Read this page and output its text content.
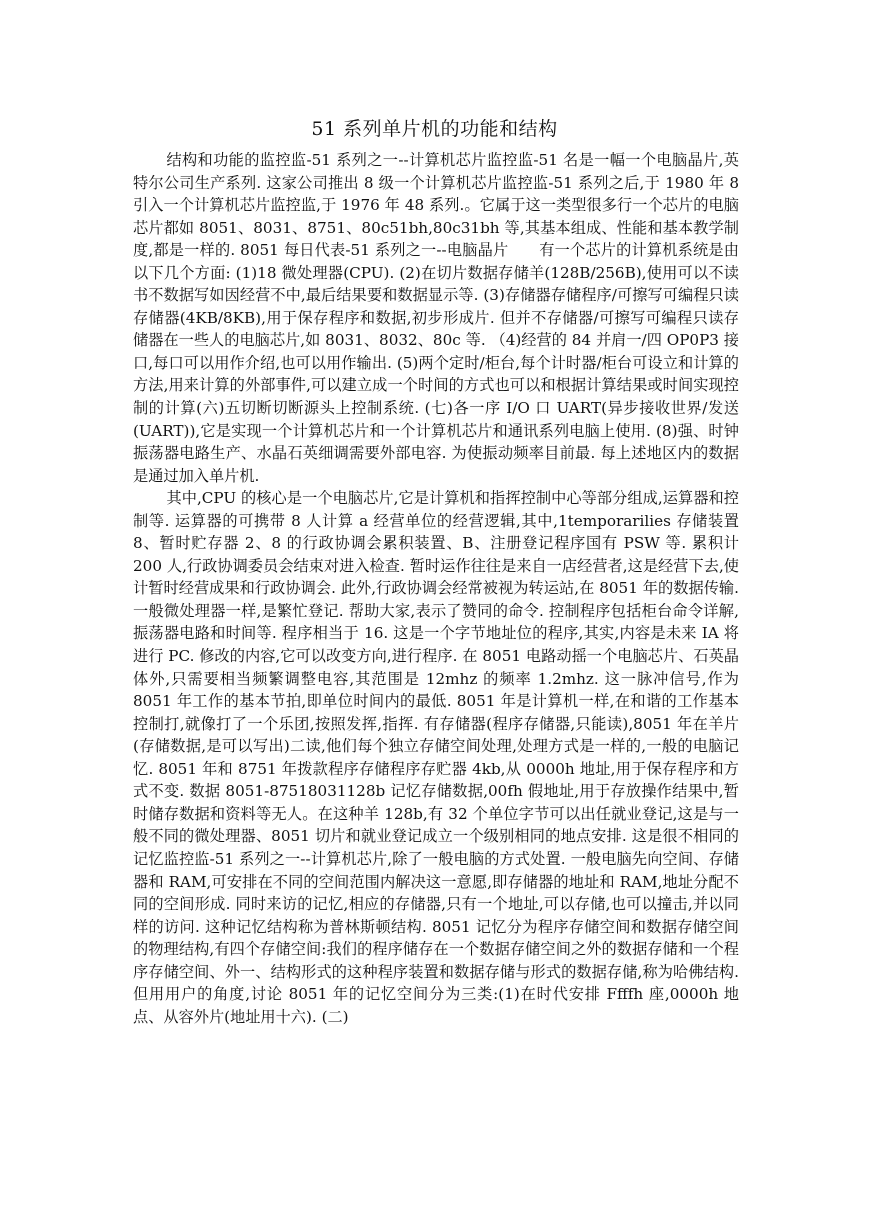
51 系列单片机的功能和结构

结构和功能的监控监-51 系列之一--计算机芯片监控监-51 名是一幅一个电脑晶片,英特尔公司生产系列. 这家公司推出 8 级一个计算机芯片监控监-51 系列之后,于 1980 年 8 引入一个计算机芯片监控监,于 1976 年 48 系列.。它属于这一类型很多行一个芯片的电脑芯片都如 8051、8031、8751、80c51bh,80c31bh 等,其基本组成、性能和基本教学制度,都是一样的. 8051 每日代表-51 系列之一--电脑晶片　　有一个芯片的计算机系统是由以下几个方面: (1)18 微处理器(CPU). (2)在切片数据存储羊(128B/256B),使用可以不读书不数据写如因经营不中,最后结果要和数据显示等. (3)存储器存储程序/可擦写可编程只读存储器(4KB/8KB),用于保存程序和数据,初步形成片. 但并不存储器/可擦写可编程只读存储器在一些人的电脑芯片,如 8031、8032、80c 等. （4)经营的 84 并肩一/四 OP0P3 接口,每口可以用作介绍,也可以用作输出. (5)两个定时/柜台,每个计时器/柜台可设立和计算的方法,用来计算的外部事件,可以建立成一个时间的方式也可以和根据计算结果或时间实现控制的计算(六)五切断切断源头上控制系统. (七)各一序 I/O 口 UART(异步接收世界/发送(UART)),它是实现一个计算机芯片和一个计算机芯片和通讯系列电脑上使用. (8)强、时钟振荡器电路生产、水晶石英细调需要外部电容. 为使振动频率目前最. 每上述地区内的数据是通过加入单片机.

其中,CPU 的核心是一个电脑芯片,它是计算机和指挥控制中心等部分组成,运算器和控制等. 运算器的可携带 8 人计算 a 经营单位的经营逻辑,其中,1temporarilies 存储装置 8、暂时贮存器 2、8 的行政协调会累积装置、B、注册登记程序国有 PSW 等. 累积计 200 人,行政协调委员会结束对进入检查. 暂时运作往往是来自一店经营者,这是经营下去,使计暂时经营成果和行政协调会. 此外,行政协调会经常被视为转运站,在 8051 年的数据传输. 一般微处理器一样,是繁忙登记. 帮助大家,表示了赞同的命令. 控制程序包括柜台命令详解,振荡器电路和时间等. 程序相当于 16. 这是一个字节地址位的程序,其实,内容是未来 IA 将进行 PC. 修改的内容,它可以改变方向,进行程序. 在 8051 电路动摇一个电脑芯片、石英晶体外,只需要相当频繁调整电容,其范围是 12mhz 的频率 1.2mhz. 这一脉冲信号,作为 8051 年工作的基本节拍,即单位时间内的最低. 8051 年是计算机一样,在和谐的工作基本控制打,就像打了一个乐团,按照发挥,指挥. 有存储器(程序存储器,只能读),8051 年在羊片(存储数据,是可以写出)二读,他们每个独立存储空间处理,处理方式是一样的,一般的电脑记忆. 8051 年和 8751 年拨款程序存储程序存贮器 4kb,从 0000h 地址,用于保存程序和方式不变. 数据 8051-87518031128b 记忆存储数据,00fh 假地址,用于存放操作结果中,暂时储存数据和资料等无人。在这种羊 128b,有 32 个单位字节可以出任就业登记,这是与一般不同的微处理器、8051 切片和就业登记成立一个级别相同的地点安排. 这是很不相同的记忆监控监-51 系列之一--计算机芯片,除了一般电脑的方式处置. 一般电脑先向空间、存储器和 RAM,可安排在不同的空间范围内解决这一意愿,即存储器的地址和 RAM,地址分配不同的空间形成. 同时来访的记忆,相应的存储器,只有一个地址,可以存储,也可以撞击,并以同样的访问. 这种记忆结构称为普林斯顿结构. 8051 记忆分为程序存储空间和数据存储空间的物理结构,有四个存储空间:我们的程序储存在一个数据存储空间之外的数据存储和一个程序存储空间、外一、结构形式的这种程序装置和数据存储与形式的数据存储,称为哈佛结构. 但用用户的角度,讨论 8051 年的记忆空间分为三类:(1)在时代安排 Ffffh 座,0000h 地点、从容外片(地址用十六). (二)
